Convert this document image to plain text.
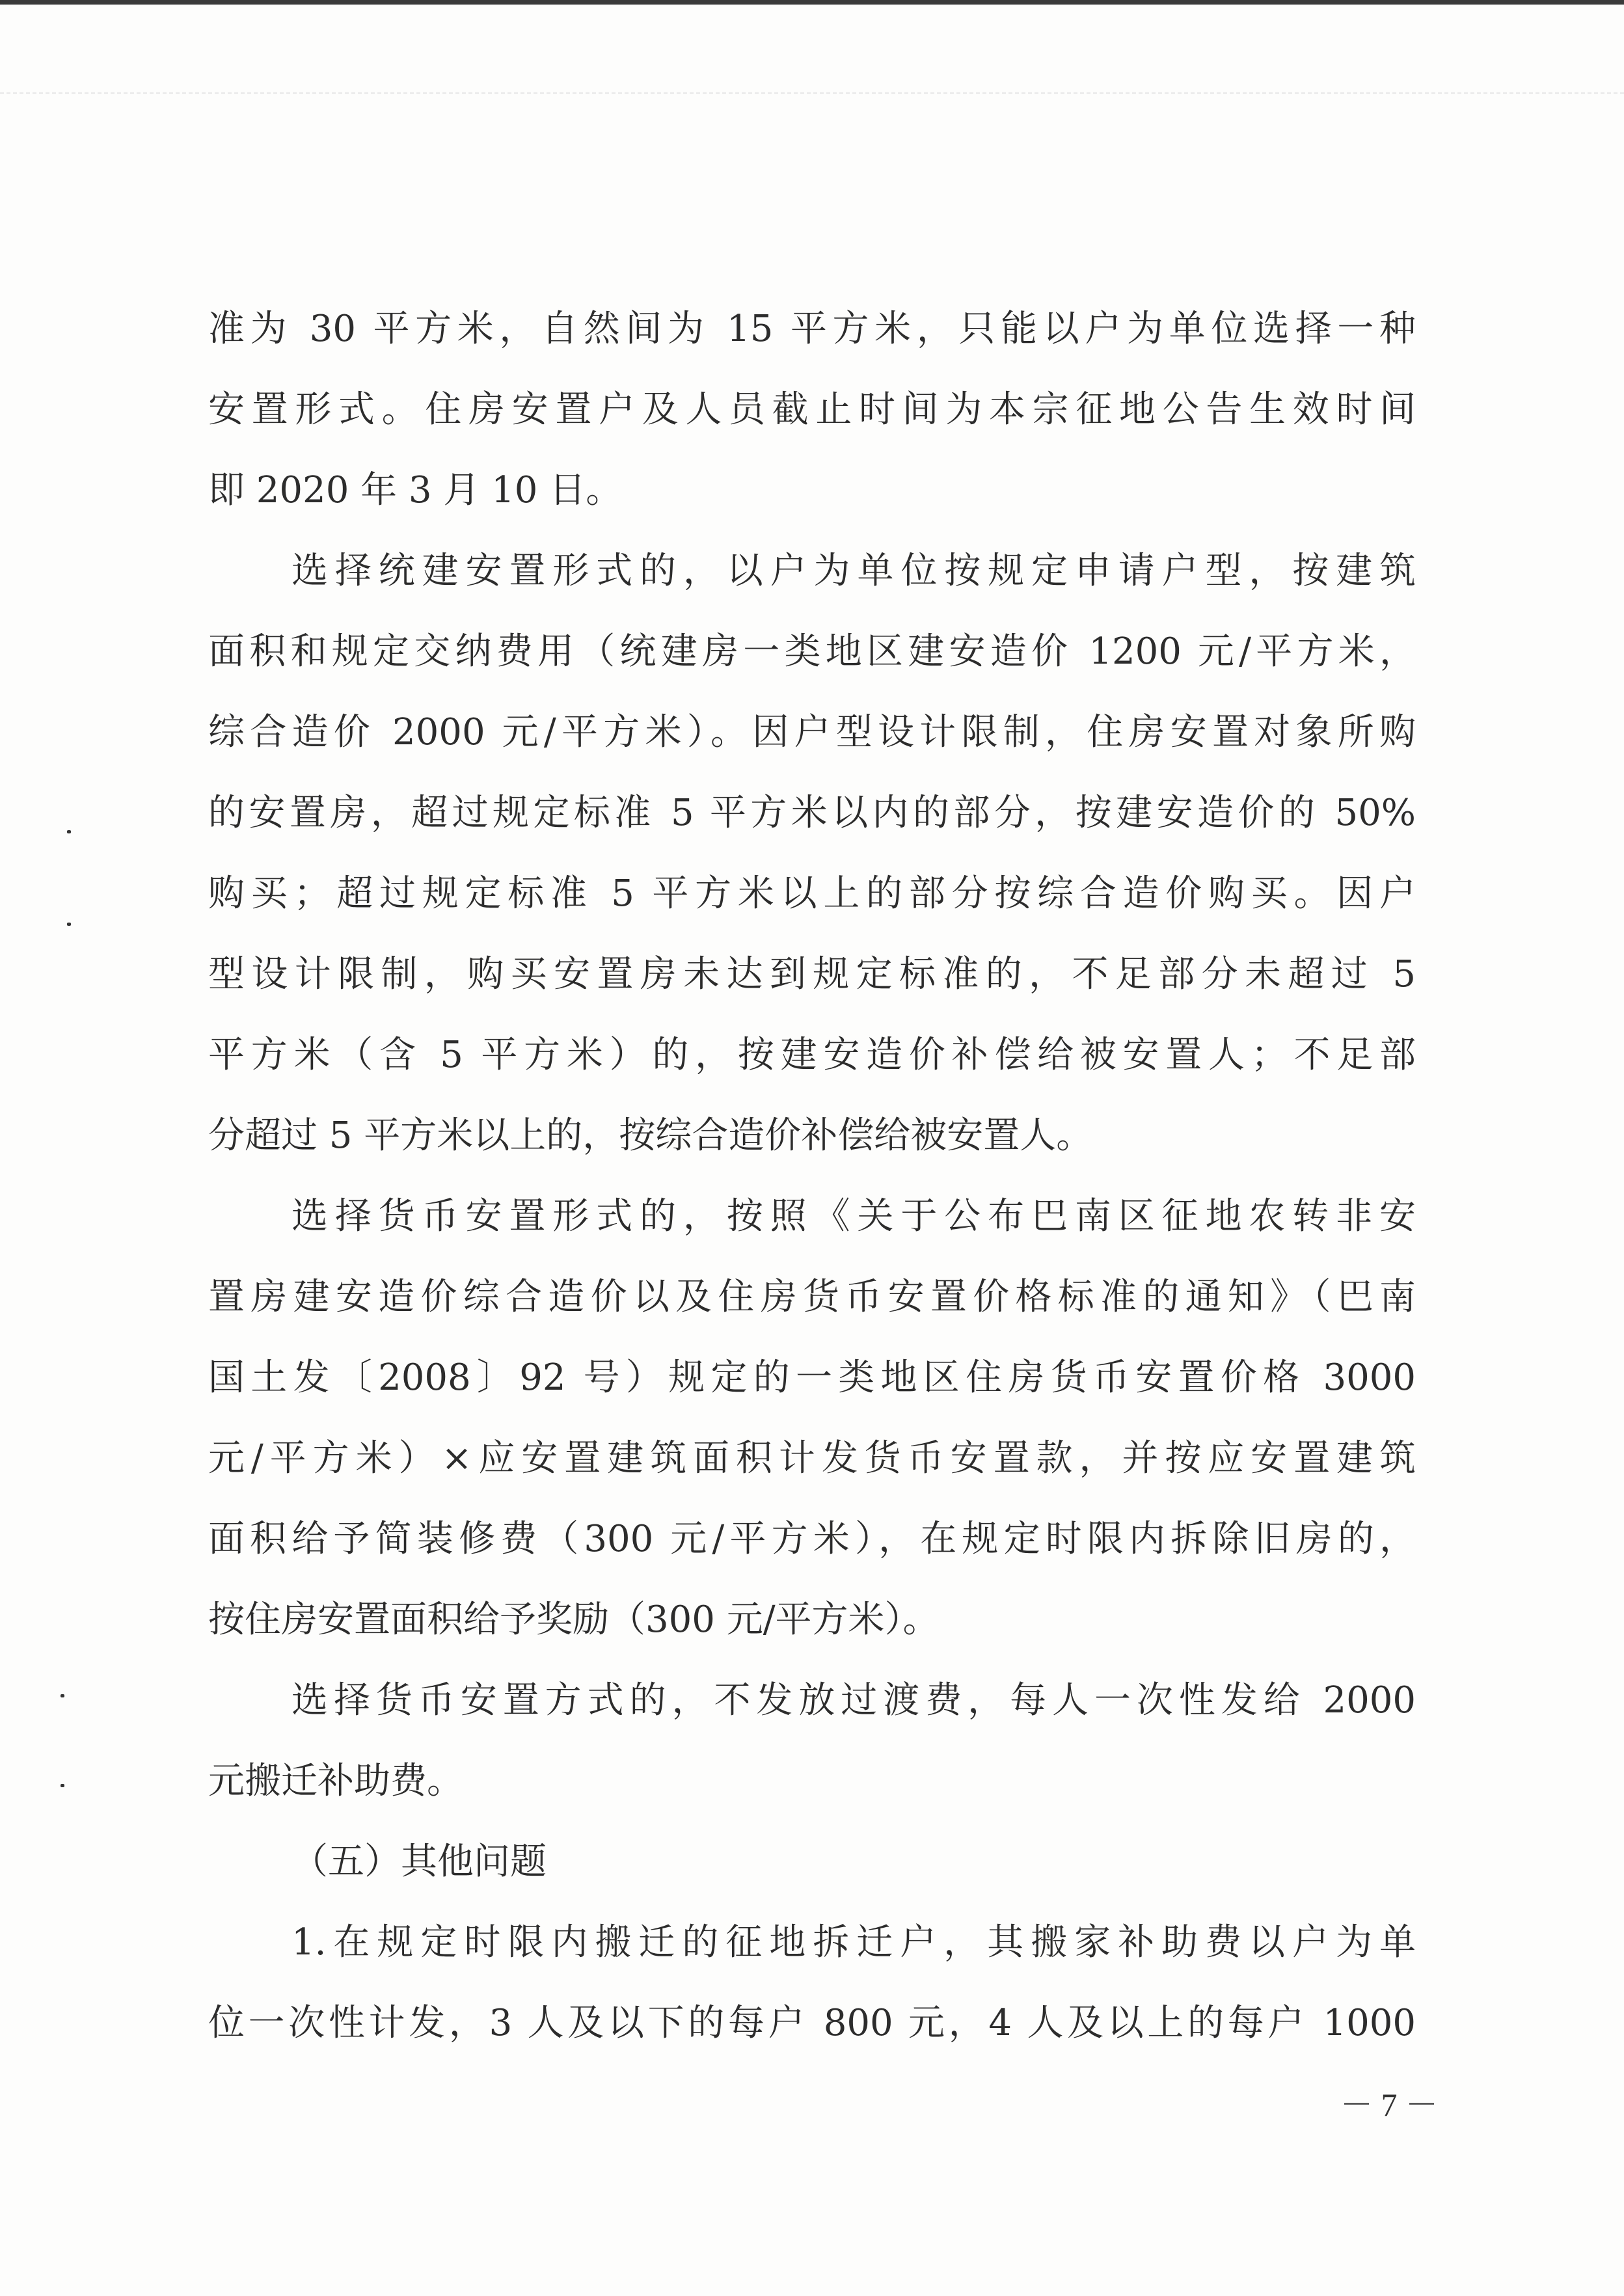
准为 30 平方米，自然间为 15 平方米，只能以户为单位选择一种
安置形式。住房安置户及人员截止时间为本宗征地公告生效时间
即 2020 年 3 月 10 日。
选择统建安置形式的，以户为单位按规定申请户型，按建筑
面积和规定交纳费用（统建房一类地区建安造价 1200 元/平方米，
综合造价 2000 元/平方米）。因户型设计限制，住房安置对象所购
的安置房，超过规定标准 5 平方米以内的部分，按建安造价的 50%
购买；超过规定标准 5 平方米以上的部分按综合造价购买。因户
型设计限制，购买安置房未达到规定标准的，不足部分未超过 5
平方米（含 5 平方米）的，按建安造价补偿给被安置人；不足部
分超过 5 平方米以上的，按综合造价补偿给被安置人。
选择货币安置形式的，按照《关于公布巴南区征地农转非安
置房建安造价综合造价以及住房货币安置价格标准的通知》（巴南
国土发〔2008〕92 号）规定的一类地区住房货币安置价格 3000
元/平方米）×应安置建筑面积计发货币安置款，并按应安置建筑
面积给予简装修费（300 元/平方米），在规定时限内拆除旧房的，
按住房安置面积给予奖励（300 元/平方米）。
选择货币安置方式的，不发放过渡费，每人一次性发给 2000
元搬迁补助费。
（五）其他问题
1.在规定时限内搬迁的征地拆迁户，其搬家补助费以户为单
位一次性计发，3 人及以下的每户 800 元，4 人及以上的每户 1000
－ 7 －
